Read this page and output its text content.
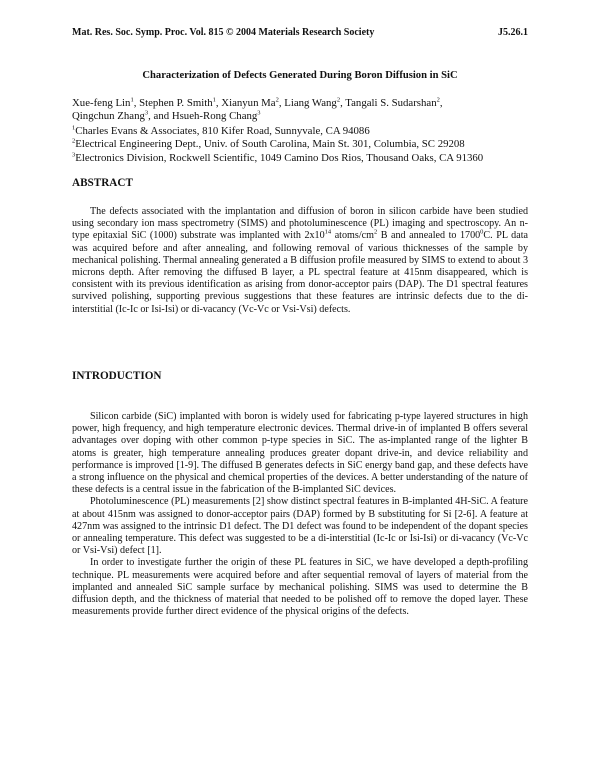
Mat. Res. Soc. Symp. Proc. Vol. 815 © 2004 Materials Research Society	J5.26.1
Characterization of Defects Generated During Boron Diffusion in SiC
Xue-feng Lin$^1$, Stephen P. Smith$^1$, Xianyun Ma$^2$, Liang Wang$^2$, Tangali S. Sudarshan$^2$,
Qingchun Zhang$^3$, and Hsueh-Rong Chang$^3$
$^1$Charles Evans & Associates, 810 Kifer Road, Sunnyvale, CA 94086
$^2$Electrical Engineering Dept., Univ. of South Carolina, Main St. 301, Columbia, SC 29208
$^3$Electronics Division, Rockwell Scientific, 1049 Camino Dos Rios, Thousand Oaks, CA 91360
ABSTRACT

The defects associated with the implantation and diffusion of boron in silicon carbide have been studied using secondary ion mass spectrometry (SIMS) and photoluminescence (PL) imaging and spectroscopy. An n-type epitaxial SiC (1000) substrate was implanted with $2x10^{14}$ atoms/$cm^2$ B and annealed to 1700$^0$C. PL data was acquired before and after annealing, and following removal of various thicknesses of the sample by mechanical polishing. Thermal annealing generated a B diffusion profile measured by SIMS to extend to about 3 microns depth. After removing the diffused B layer, a PL spectral feature at 415nm disappeared, which is consistent with its previous identification as arising from donor-acceptor pairs (DAP). The D1 spectral features survived polishing, supporting previous suggestions that these features are intrinsic defects due to the di-interstitial (Ic-Ic or Isi-Isi) or di-vacancy (Vc-Vc or Vsi-Vsi) defects.

INTRODUCTION

Silicon carbide (SiC) implanted with boron is widely used for fabricating p-type layered structures in high power, high frequency, and high temperature electronic devices. Thermal drive-in of implanted B offers several advantages over doping with other common p-type species in SiC. The as-implanted range of the lighter B atoms is greater, high temperature annealing produces greater dopant drive-in, and device reliability and performance is improved [1-9]. The diffused B generates defects in SiC energy band gap, and these defects have a strong influence on the physical and chemical properties of the devices. A better understanding of the nature of these defects is a central issue in the fabrication of the B-implanted SiC devices.

Photoluminescence (PL) measurements [2] show distinct spectral features in B-implanted 4H-SiC. A feature at about 415nm was assigned to donor-acceptor pairs (DAP) formed by B substituting for Si [2-6]. A feature at 427nm was assigned to the intrinsic D1 defect. The D1 defect was found to be independent of the dopant species or annealing temperature. This defect was suggested to be a di-interstitial (Ic-Ic or Isi-Isi) or di-vacancy (Vc-Vc or Vsi-Vsi) defect [1].

In order to investigate further the origin of these PL features in SiC, we have developed a depth-profiling technique. PL measurements were acquired before and after sequential removal of layers of material from the implanted and annealed SiC sample surface by mechanical polishing. SIMS was used to determine the B diffusion depth, and the thickness of material that needed to be polished off to remove the doped layer. These measurements provide further direct evidence of the physical origins of the defects.
